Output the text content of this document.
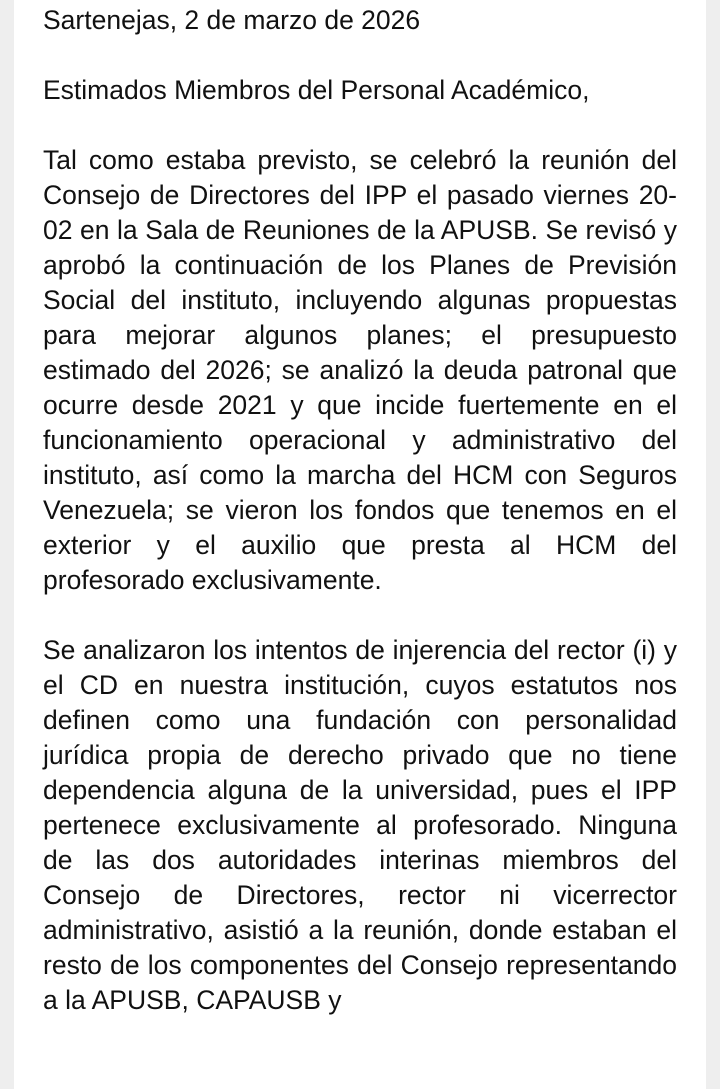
Sartenejas, 2 de marzo de 2026

Estimados Miembros del Personal Académico,

Tal como estaba previsto, se celebró la reunión del Consejo de Directores del IPP el pasado viernes 20-02 en la Sala de Reuniones de la APUSB. Se revisó y aprobó la continuación de los Planes de Previsión Social del instituto, incluyendo algunas propuestas para mejorar algunos planes; el presupuesto estimado del 2026; se analizó la deuda patronal que ocurre desde 2021 y que incide fuertemente en el funcionamiento operacional y administrativo del instituto, así como la marcha del HCM con Seguros Venezuela; se vieron los fondos que tenemos en el exterior y el auxilio que presta al HCM del profesorado exclusivamente.

Se analizaron los intentos de injerencia del rector (i) y el CD en nuestra institución, cuyos estatutos nos definen como una fundación con personalidad jurídica propia de derecho privado que no tiene dependencia alguna de la universidad, pues el IPP pertenece exclusivamente al profesorado. Ninguna de las dos autoridades interinas miembros del Consejo de Directores, rector ni vicerrector administrativo, asistió a la reunión, donde estaban el resto de los componentes del Consejo representando a la APUSB, CAPAUSB y
